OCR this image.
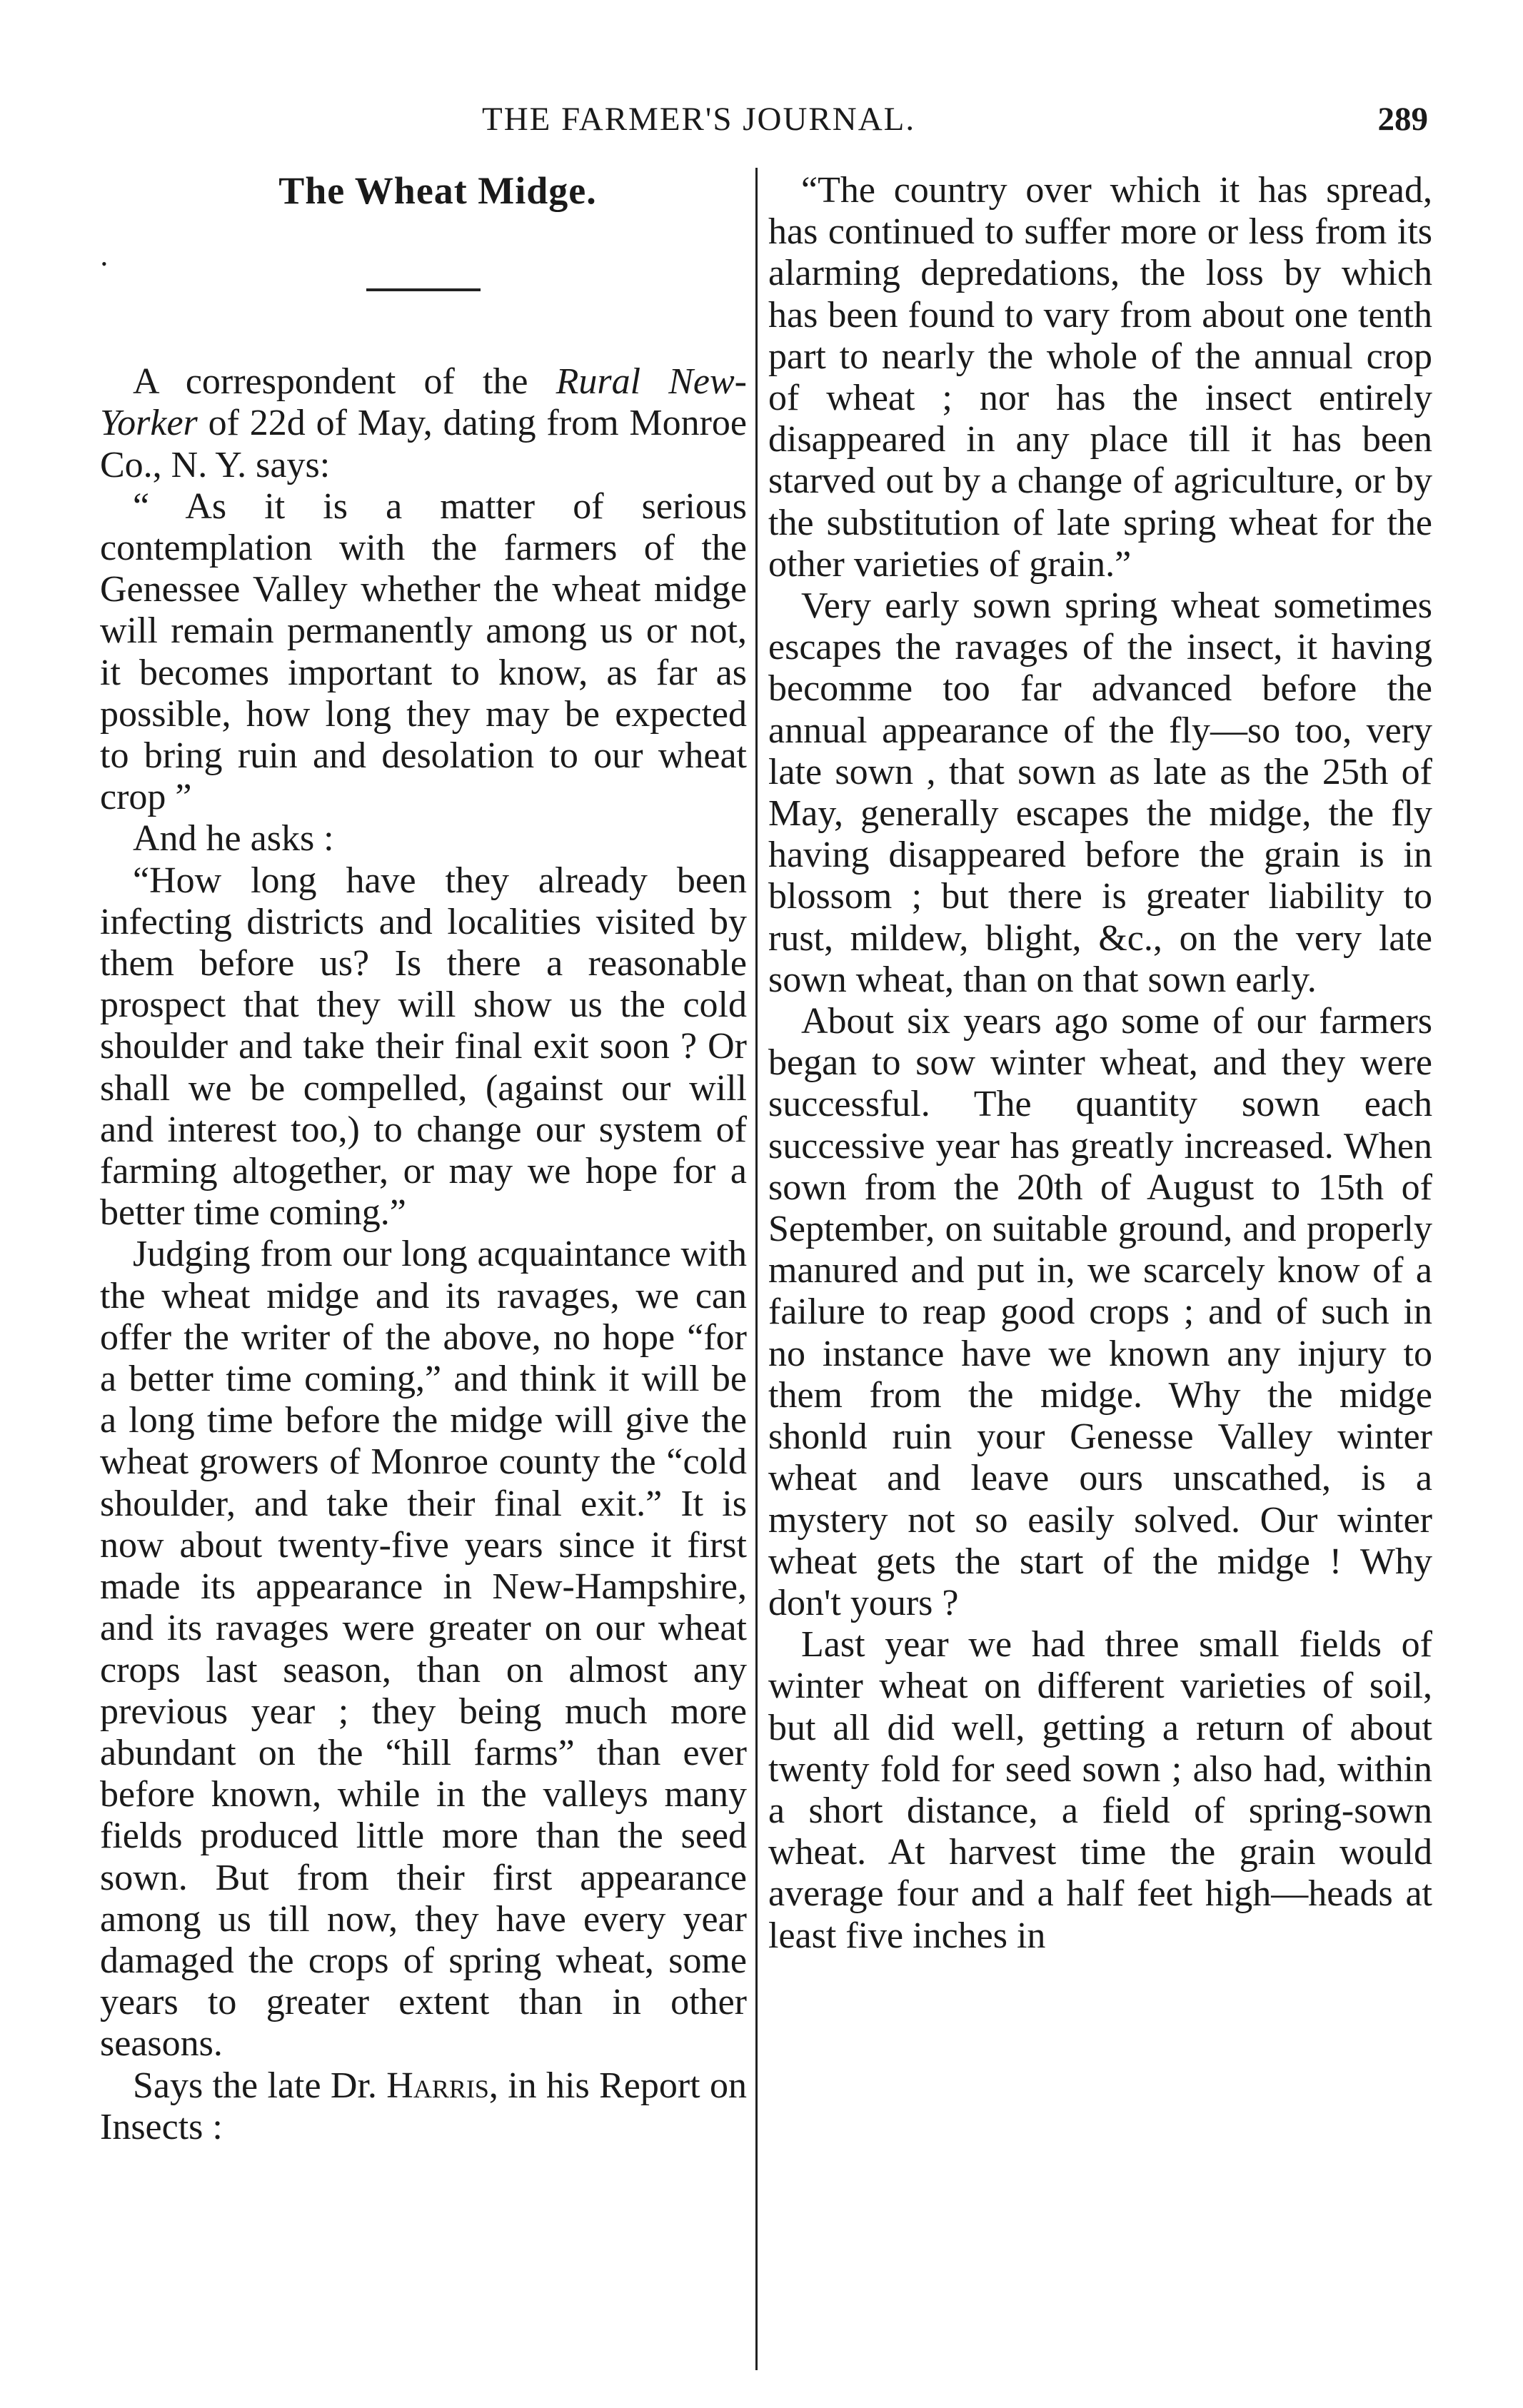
THE FARMER'S JOURNAL.	289
The Wheat Midge.
•

A correspondent of the Rural New-Yorker of 22d of May, dating from Monroe Co., N. Y. says:

“ As it is a matter of serious contemplation with the farmers of the Genessee Valley whether the wheat midge will remain permanently among us or not, it becomes important to know, as far as possible, how long they may be expected to bring ruin and desolation to our wheat crop ”

And he asks :

“How long have they already been infecting districts and localities visited by them before us? Is there a reasonable prospect that they will show us the cold shoulder and take their final exit soon ? Or shall we be compelled, (against our will and interest too,) to change our system of farming altogether, or may we hope for a better time coming.”

Judging from our long acquaintance with the wheat midge and its ravages, we can offer the writer of the above, no hope “for a better time coming,” and think it will be a long time before the midge will give the wheat growers of Monroe county the “cold shoulder, and take their final exit.” It is now about twenty-five years since it first made its appearance in New-Hampshire, and its ravages were greater on our wheat crops last season, than on almost any previous year ; they being much more abundant on the “hill farms” than ever before known, while in the valleys many fields produced little more than the seed sown. But from their first appearance among us till now, they have every year damaged the crops of spring wheat, some years to greater extent than in other seasons.

Says the late Dr. Harris, in his Report on Insects :

“The country over which it has spread, has continued to suffer more or less from its alarming depredations, the loss by which has been found to vary from about one tenth part to nearly the whole of the annual crop of wheat ; nor has the insect entirely disappeared in any place till it has been starved out by a change of agriculture, or by the substitution of late spring wheat for the other varieties of grain.”

Very early sown spring wheat sometimes escapes the ravages of the insect, it having becomme too far advanced before the annual appearance of the fly—so too, very late sown , that sown as late as the 25th of May, generally escapes the midge, the fly having disappeared before the grain is in blossom ; but there is greater liability to rust, mildew, blight, &c., on the very late sown wheat, than on that sown early.

About six years ago some of our farmers began to sow winter wheat, and they were successful. The quantity sown each successive year has greatly increased. When sown from the 20th of August to 15th of September, on suitable ground, and properly manured and put in, we scarcely know of a failure to reap good crops ; and of such in no instance have we known any injury to them from the midge. Why the midge shonld ruin your Genesse Valley winter wheat and leave ours unscathed, is a mystery not so easily solved. Our winter wheat gets the start of the midge ! Why don't yours ?

Last year we had three small fields of winter wheat on different varieties of soil, but all did well, getting a return of about twenty fold for seed sown ; also had, within a short distance, a field of spring-sown wheat. At harvest time the grain would average four and a half feet high—heads at least five inches in
